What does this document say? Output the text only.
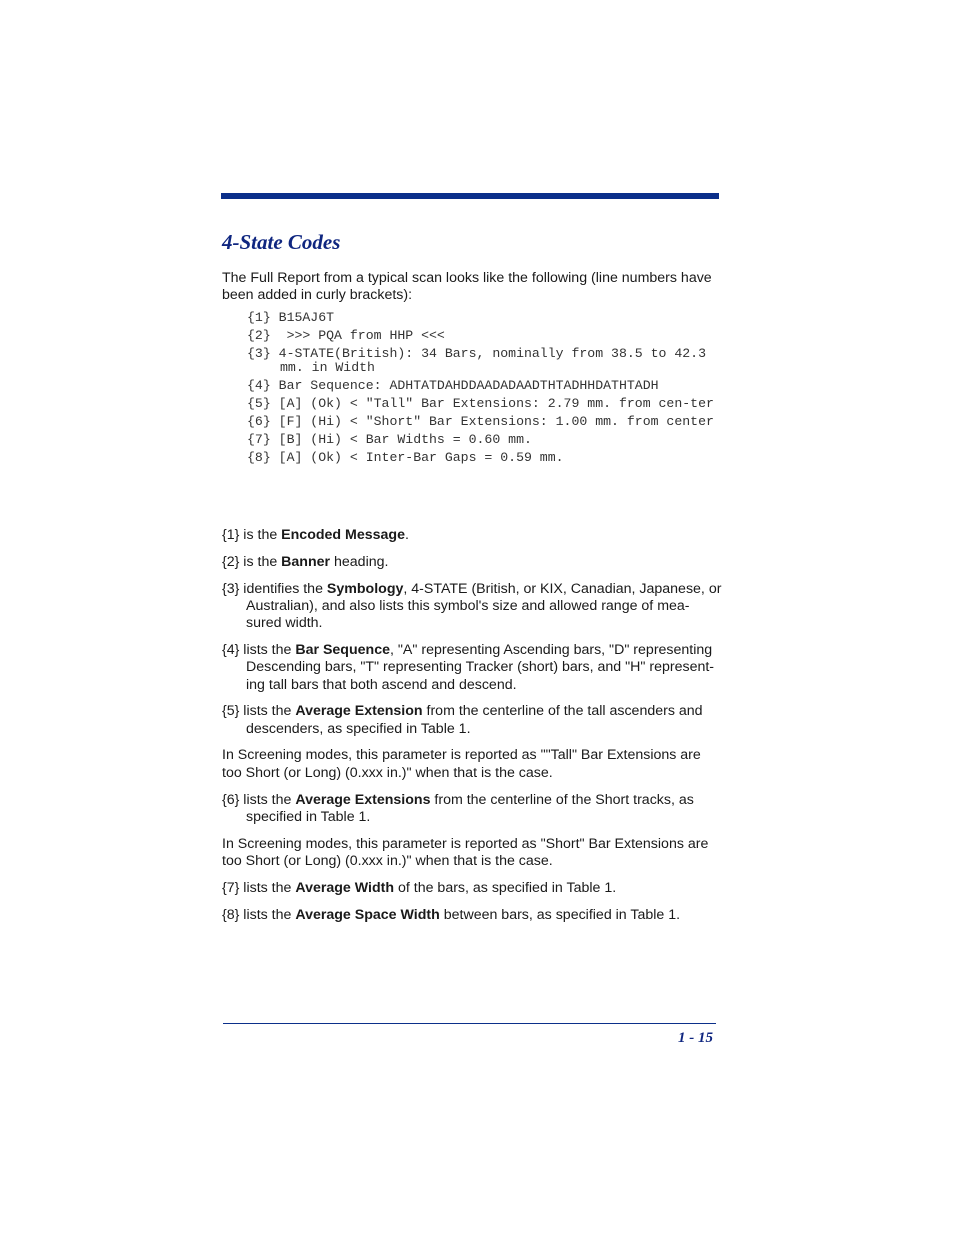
4-State Codes

The Full Report from a typical scan looks like the following (line numbers have been added in curly brackets):

{1} B15AJ6T

{2}  >>> PQA from HHP <<<

{3} 4-STATE(British): 34 Bars, nominally from 38.5 to 42.3 mm. in Width

{4} Bar Sequence: ADHTATDAHDDAADADAADTHTADHHDATHTADH

{5} [A] (Ok) < "Tall" Bar Extensions: 2.79 mm. from cen-ter

{6} [F] (Hi) < "Short" Bar Extensions: 1.00 mm. from center

{7} [B] (Hi) < Bar Widths = 0.60 mm.

{8} [A] (Ok) < Inter-Bar Gaps = 0.59 mm.

{1} is the Encoded Message.

{2} is the Banner heading.

{3} identifies the Symbology, 4-STATE (British, or KIX, Canadian, Japanese, or Australian), and also lists this symbol's size and allowed range of mea-sured width.

{4} lists the Bar Sequence, "A" representing Ascending bars, "D" representing Descending bars, "T" representing Tracker (short) bars, and "H" represent-ing tall bars that both ascend and descend.

{5} lists the Average Extension from the centerline of the tall ascenders and descenders, as specified in Table 1.

In Screening modes, this parameter is reported as ""Tall" Bar Extensions are too Short (or Long) (0.xxx in.)" when that is the case.

{6} lists the Average Extensions from the centerline of the Short tracks, as specified in Table 1.

In Screening modes, this parameter is reported as "Short" Bar Extensions are too Short (or Long) (0.xxx in.)" when that is the case.

{7} lists the Average Width of the bars, as specified in Table 1.

{8} lists the Average Space Width between bars, as specified in Table 1.

1 - 15
